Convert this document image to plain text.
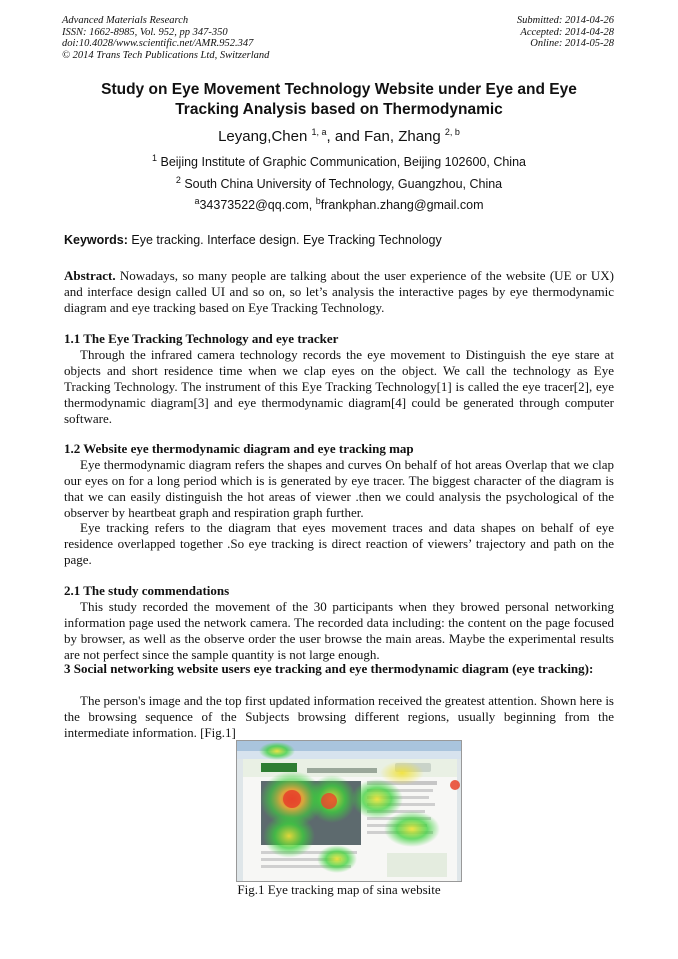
Advanced Materials Research
ISSN: 1662-8985, Vol. 952, pp 347-350
doi:10.4028/www.scientific.net/AMR.952.347
© 2014 Trans Tech Publications Ltd, Switzerland
Submitted: 2014-04-26
Accepted: 2014-04-28
Online: 2014-05-28
Study on Eye Movement Technology Website under Eye and Eye Tracking Analysis based on Thermodynamic
Leyang,Chen $^{1, a}$, and Fan, Zhang $^{2, b}$
$^1$ Beijing Institute of Graphic Communication, Beijing 102600, China
$^2$ South China University of Technology, Guangzhou, China
$^a$34373522@qq.com, $^b$frankphan.zhang@gmail.com
Keywords: Eye tracking. Interface design. Eye Tracking Technology
Abstract. Nowadays, so many people are talking about the user experience of the website (UE or UX) and interface design called UI and so on, so let’s analysis the interactive pages by eye thermodynamic diagram and eye tracking based on Eye Tracking Technology.
1.1 The Eye Tracking Technology and eye tracker
Through the infrared camera technology records the eye movement to Distinguish the eye stare at objects and short residence time when we clap eyes on the object. We call the technology as Eye Tracking Technology. The instrument of this Eye Tracking Technology[1] is called the eye tracer[2], eye thermodynamic diagram[3] and eye thermodynamic diagram[4] could be generated through computer software.
1.2 Website eye thermodynamic diagram and eye tracking map
Eye thermodynamic diagram refers the shapes and curves On behalf of hot areas Overlap that we clap our eyes on for a long period which is is generated by eye tracer. The biggest character of the diagram is that we can easily distinguish the hot areas of viewer .then we could analysis the psychological of the observer by heartbeat graph and respiration graph further.
Eye tracking refers to the diagram that eyes movement traces and data shapes on behalf of eye residence overlapped together .So eye tracking is direct reaction of viewers’ trajectory and path on the page.
2.1 The study commendations
This study recorded the movement of the 30 participants when they browed personal networking information page used the network camera. The recorded data including: the content on the page focused by browser, as well as the observe order the user browse the main areas. Maybe the experimental results are not perfect since the sample quantity is not large enough.
3 Social networking website users eye tracking and eye thermodynamic diagram (eye tracking):
The person's image and the top first updated information received the greatest attention. Shown here is the browsing sequence of the Subjects browsing different regions, usually beginning from the intermediate information. [Fig.1]
Fig.1 Eye tracking map of sina website
